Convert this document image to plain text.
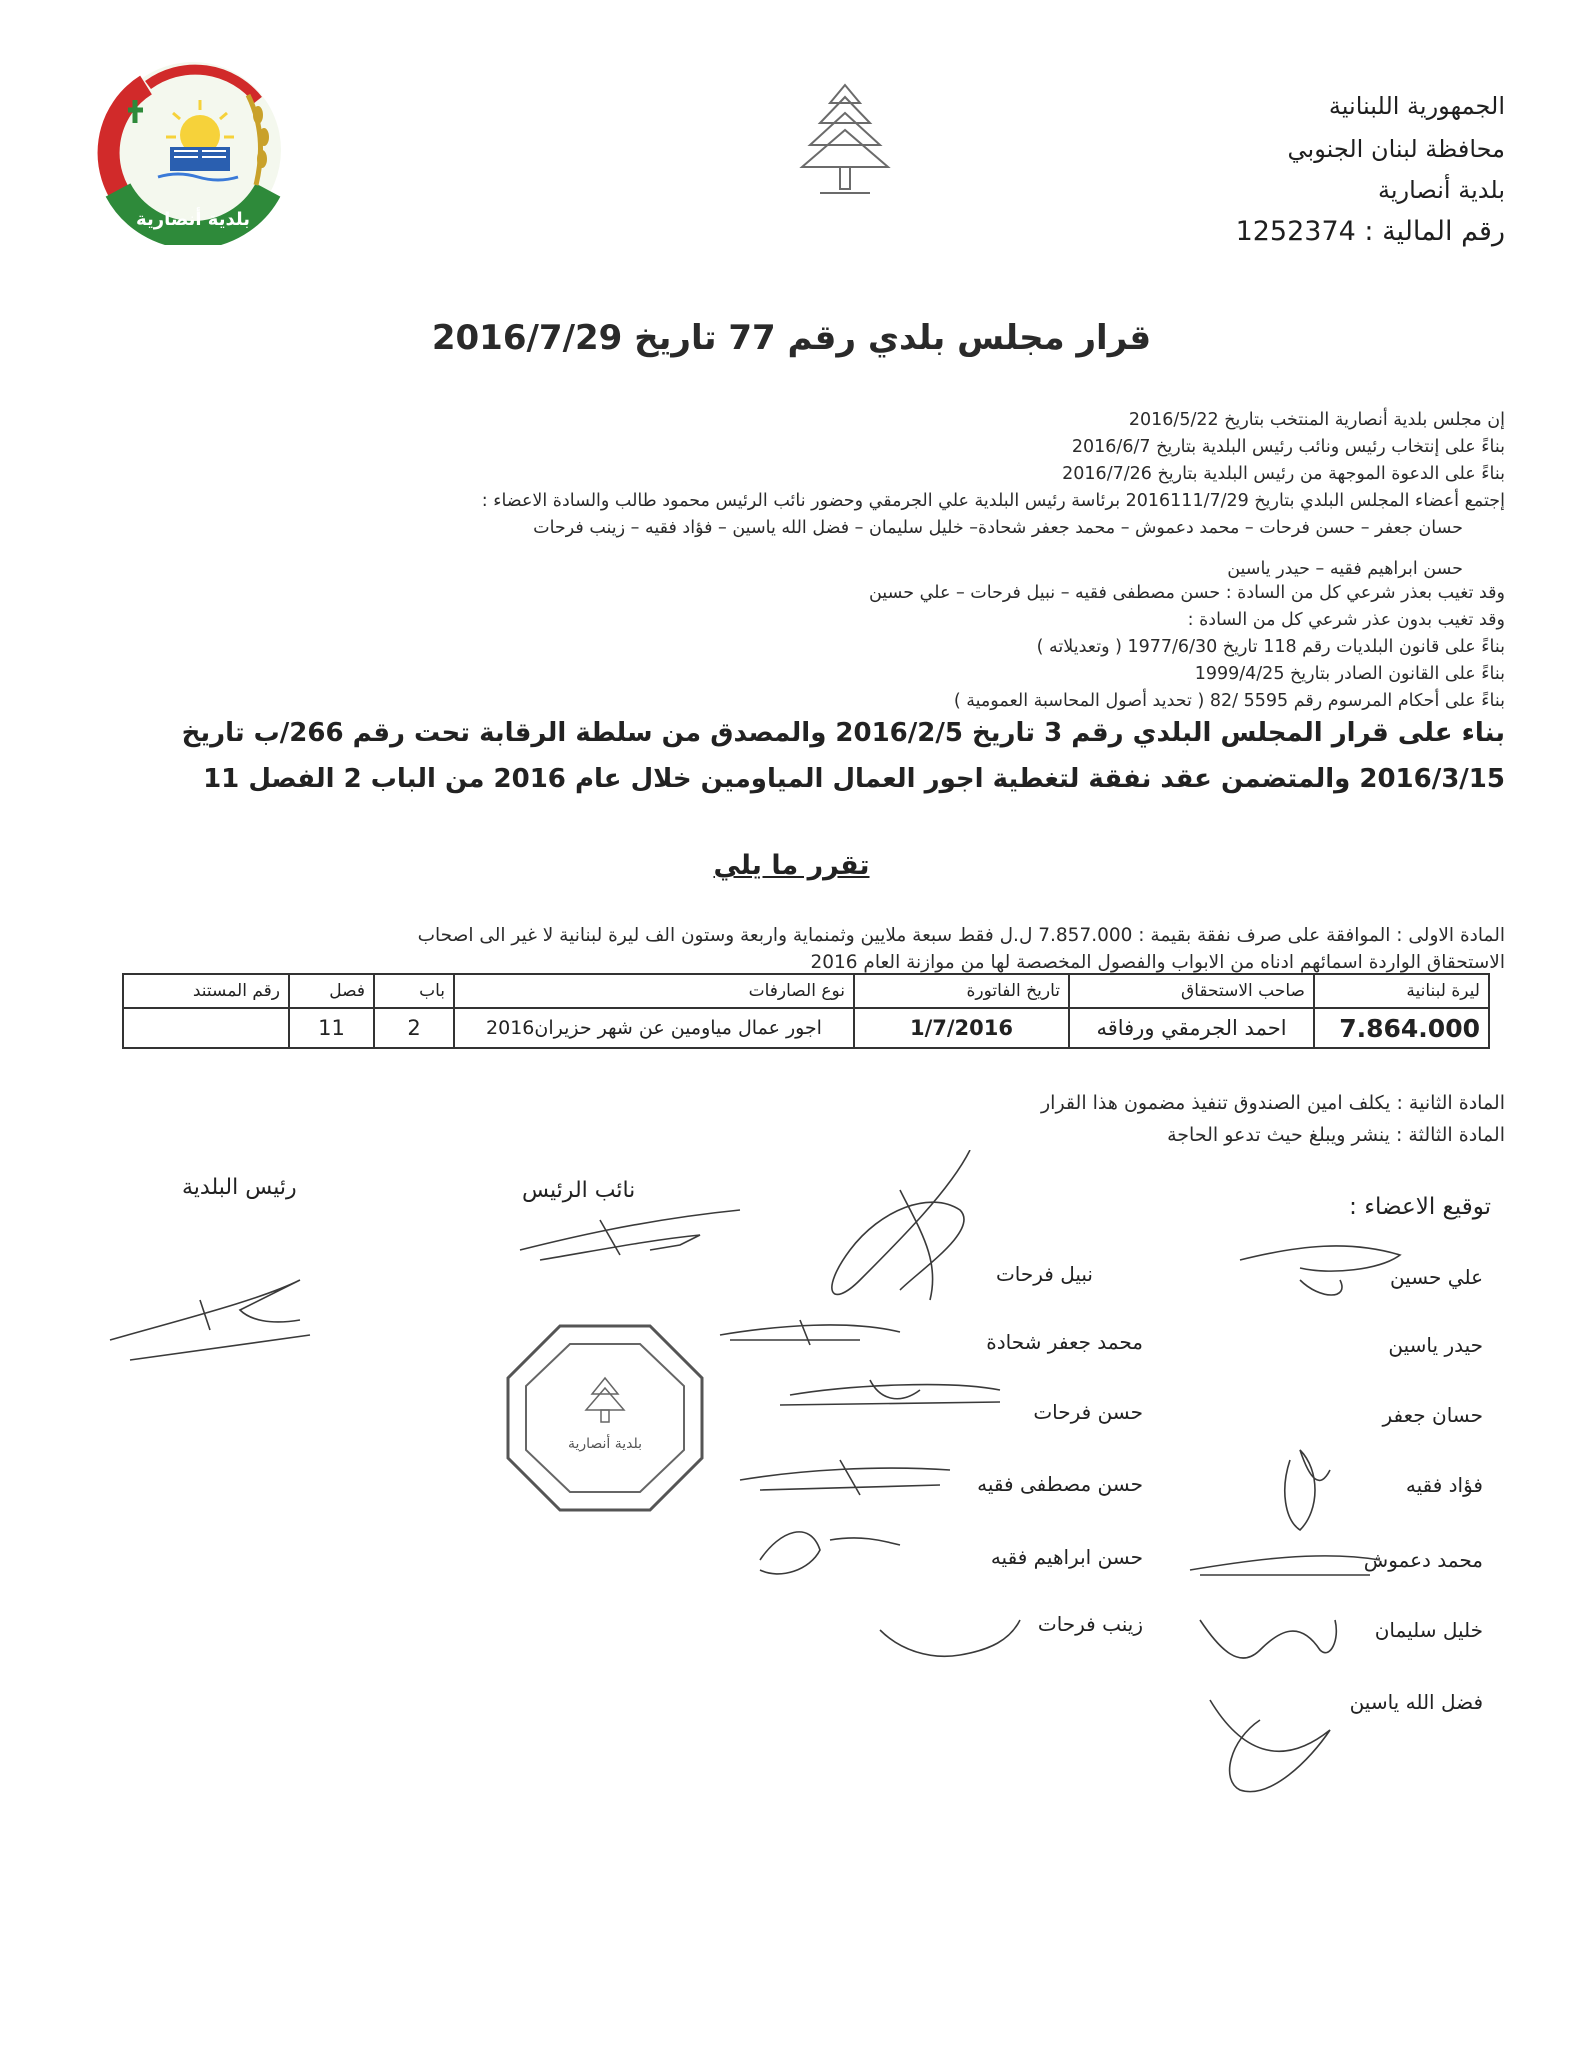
بلدية أنصارية
الجمهورية اللبنانية
محافظة لبنان الجنوبي
بلدية أنصارية
رقم المالية : 1252374
قرار مجلس بلدي رقم 77 تاريخ 2016/7/29
إن مجلس بلدية أنصارية المنتخب بتاريخ 2016/5/22
بناءً على إنتخاب رئيس ونائب رئيس البلدية بتاريخ 2016/6/7
بناءً على الدعوة الموجهة من رئيس البلدية بتاريخ 2016/7/26
إجتمع أعضاء المجلس البلدي بتاريخ 2016111/7/29 برئاسة رئيس البلدية علي الجرمقي وحضور نائب الرئيس محمود طالب والسادة الاعضاء :
حسان جعفر – حسن فرحات – محمد دعموش – محمد جعفر شحادة– خليل سليمان – فضل الله ياسين – فؤاد فقيه – زينب فرحات
حسن ابراهيم فقيه – حيدر ياسين
وقد تغيب بعذر شرعي كل من السادة : حسن مصطفى فقيه – نبيل فرحات – علي حسين
وقد تغيب بدون عذر شرعي كل من السادة :
بناءً على قانون البلديات رقم 118 تاريخ 1977/6/30 ( وتعديلاته )
بناءً على القانون الصادر بتاريخ 1999/4/25
بناءً على أحكام المرسوم رقم 5595 /82 ( تحديد أصول المحاسبة العمومية )
بناء على قرار المجلس البلدي رقم 3 تاريخ 2016/2/5 والمصدق من سلطة الرقابة تحت رقم 266/ب تاريخ
2016/3/15 والمتضمن عقد نفقة لتغطية اجور العمال المياومين خلال عام 2016 من الباب 2 الفصل 11
تقرر ما يلي
المادة الاولى : الموافقة على صرف نفقة بقيمة : 7.857.000 ل.ل فقط سبعة ملايين وثمنماية واربعة وستون الف ليرة لبنانية لا غير الى اصحاب
الاستحقاق الواردة اسمائهم ادناه من الابواب والفصول المخصصة لها من موازنة العام 2016
ليرة لبنانية	صاحب الاستحقاق	تاريخ الفاتورة	نوع الصارفات	باب	فصل	رقم المستند
7.864.000	احمد الجرمقي ورفاقه	1/7/2016	اجور عمال مياومين عن شهر حزيران2016	2	11	
المادة الثانية : يكلف امين الصندوق تنفيذ مضمون هذا القرار
المادة الثالثة : ينشر ويبلغ حيث تدعو الحاجة
توقيع الاعضاء :
نائب الرئيس
رئيس البلدية
علي حسين
حيدر ياسين
حسان جعفر
فؤاد فقيه
محمد دعموش
خليل سليمان
فضل الله ياسين
نبيل فرحات
محمد جعفر شحادة
حسن فرحات
حسن مصطفى فقيه
حسن ابراهيم فقيه
زينب فرحات
بلدية أنصارية
